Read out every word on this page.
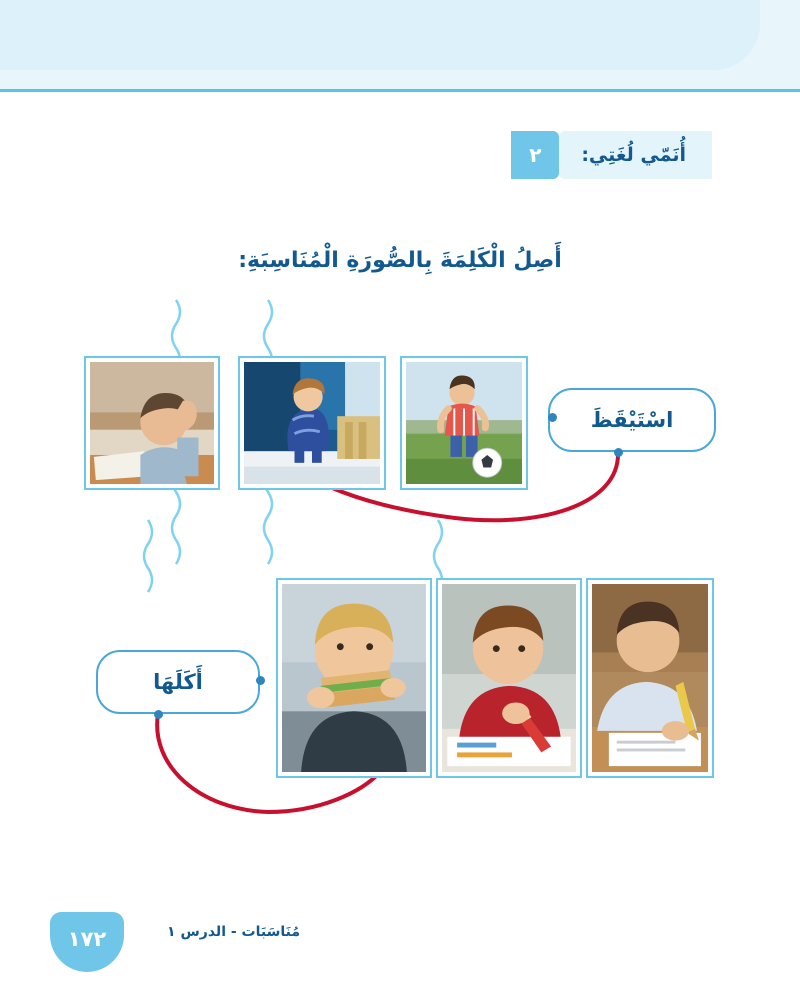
أُنَمّي لُغَتِي:
٢
أَصِلُ الْكَلِمَةَ بِالصُّورَةِ الْمُنَاسِبَةِ:
اسْتَيْقَظَ
أَكَلَهَا
مُنَاسَبَات - الدرس ١
١٧٢
